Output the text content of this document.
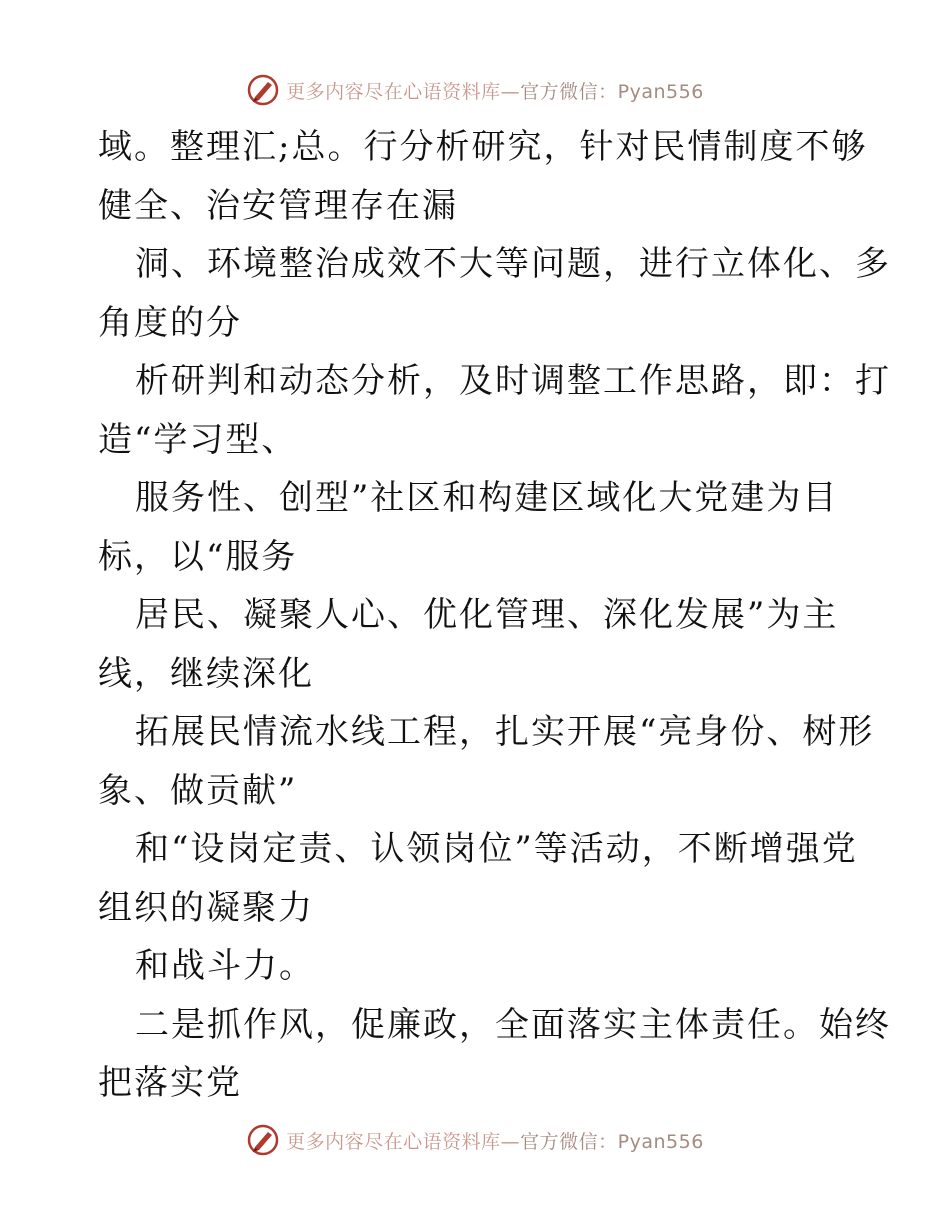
更多内容尽在心语资料库—官方微信：Pyan556
域。整理汇;总。行分析研究，针对民情制度不够
健全、治安管理存在漏
洞、环境整治成效不大等问题，进行立体化、多
角度的分
析研判和动态分析，及时调整工作思路，即：打
造“学习型、
服务性、创型”社区和构建区域化大党建为目
标，以“服务
居民、凝聚人心、优化管理、深化发展”为主
线，继续深化
拓展民情流水线工程，扎实开展“亮身份、树形
象、做贡献”
和“设岗定责、认领岗位”等活动，不断增强党
组织的凝聚力
和战斗力。
二是抓作风，促廉政，全面落实主体责任。始终
把落实党
更多内容尽在心语资料库—官方微信：Pyan556
